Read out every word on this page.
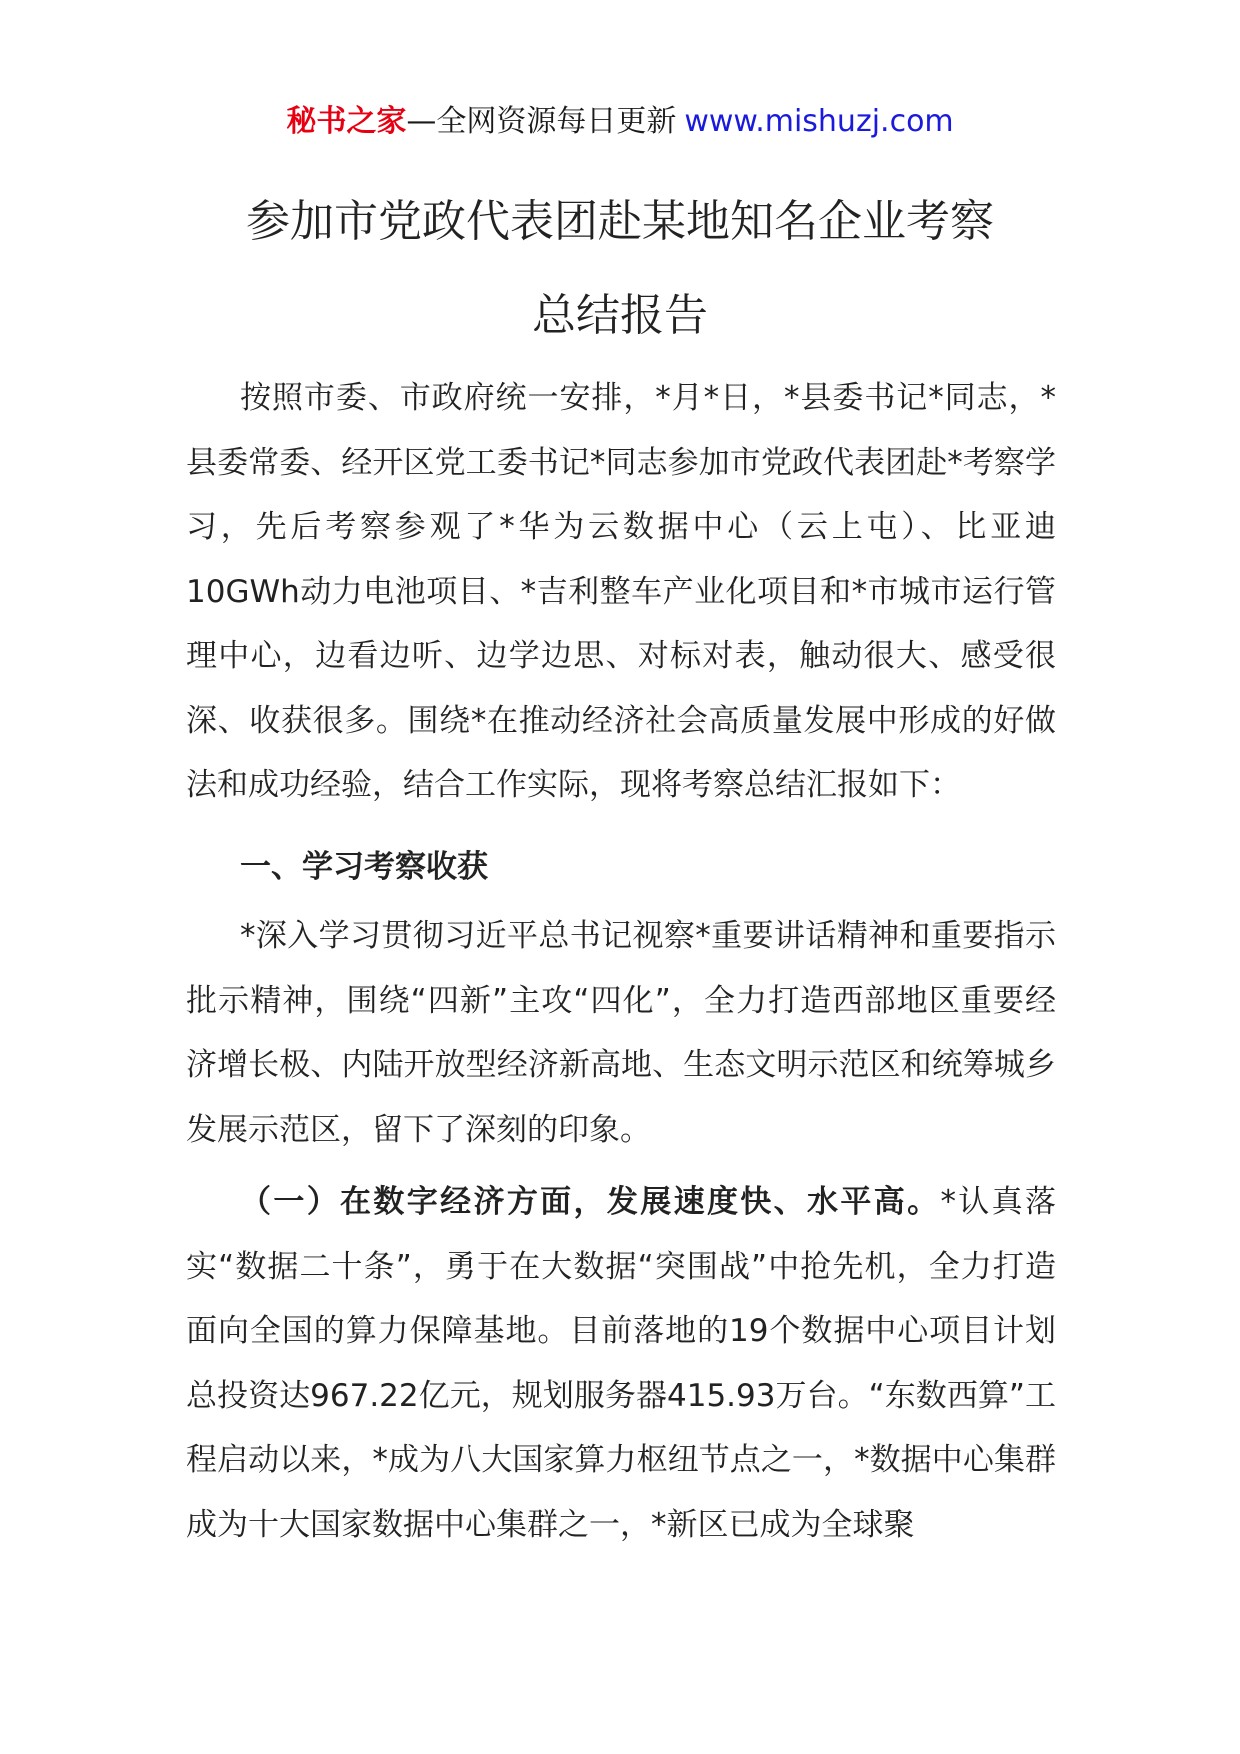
秘书之家—全网资源每日更新 www.mishuzj.com
参加市党政代表团赴某地知名企业考察
总结报告

按照市委、市政府统一安排，*月*日，*县委书记*同志，*县委常委、经开区党工委书记*同志参加市党政代表团赴*考察学习，先后考察参观了*华为云数据中心（云上屯）、比亚迪10GWh动力电池项目、*吉利整车产业化项目和*市城市运行管理中心，边看边听、边学边思、对标对表，触动很大、感受很深、收获很多。围绕*在推动经济社会高质量发展中形成的好做法和成功经验，结合工作实际，现将考察总结汇报如下：

一、学习考察收获

*深入学习贯彻习近平总书记视察*重要讲话精神和重要指示批示精神，围绕“四新”主攻“四化”，全力打造西部地区重要经济增长极、内陆开放型经济新高地、生态文明示范区和统筹城乡发展示范区，留下了深刻的印象。

（一）在数字经济方面，发展速度快、水平高。*认真落实“数据二十条”，勇于在大数据“突围战”中抢先机，全力打造面向全国的算力保障基地。目前落地的19个数据中心项目计划总投资达967.22亿元，规划服务器415.93万台。“东数西算”工程启动以来，*成为八大国家算力枢纽节点之一，*数据中心集群成为十大国家数据中心集群之一，*新区已成为全球聚
